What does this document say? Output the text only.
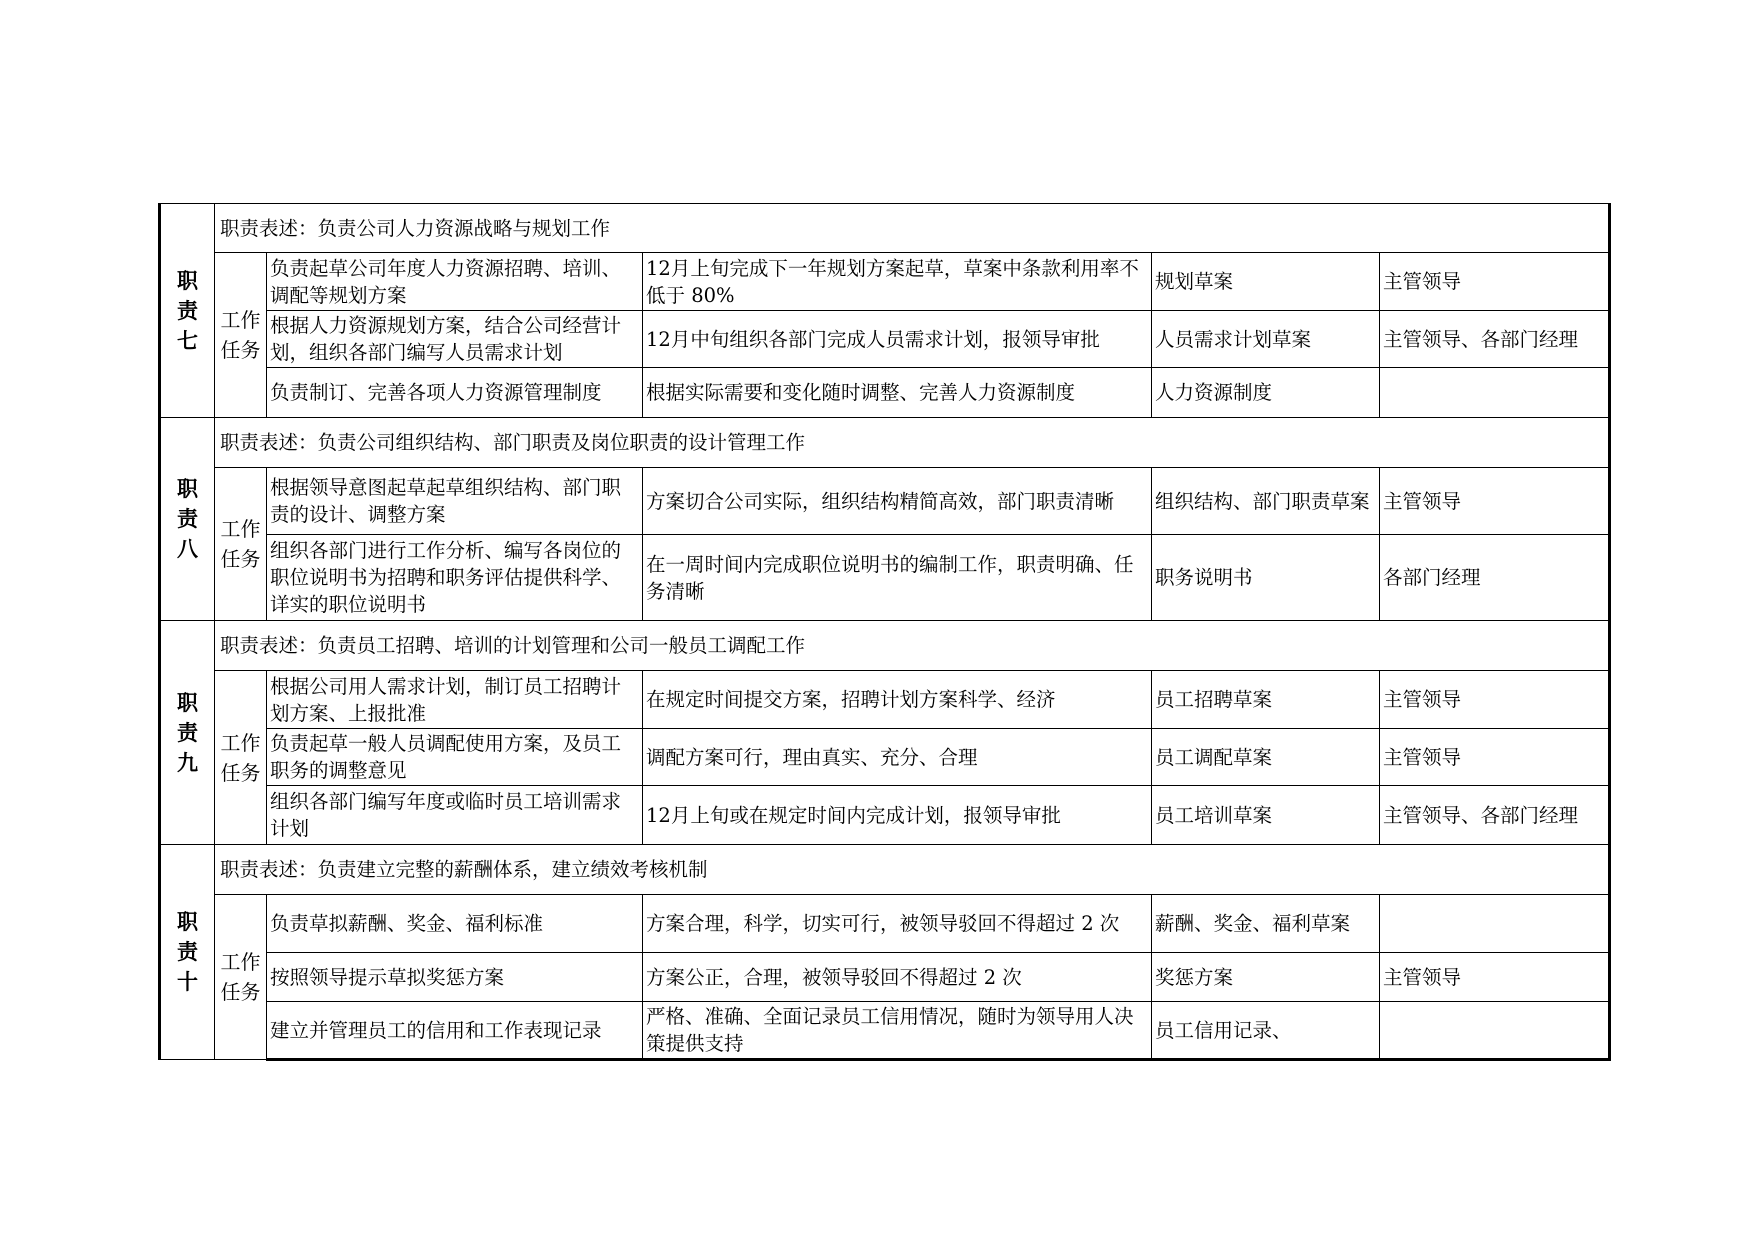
职
责
七	职责表述：负责公司人力资源战略与规划工作				

	工作
任务	负责起草公司年度人力资源招聘、培训、调配等规划方案	12月上旬完成下一年规划方案起草，草案中条款利用率不低于 80%	规划草案	主管领导
		根据人力资源规划方案，结合公司经营计划，组织各部门编写人员需求计划	12月中旬组织各部门完成人员需求计划，报领导审批	人员需求计划草案	主管领导、各部门经理
		负责制订、完善各项人力资源管理制度	根据实际需要和变化随时调整、完善人力资源制度	人力资源制度	

职
责
八	职责表述：负责公司组织结构、部门职责及岗位职责的设计管理工作				

	工作
任务	根据领导意图起草起草组织结构、部门职责的设计、调整方案	方案切合公司实际，组织结构精简高效，部门职责清晰	组织结构、部门职责草案	主管领导
		组织各部门进行工作分析、编写各岗位的职位说明书为招聘和职务评估提供科学、详实的职位说明书	在一周时间内完成职位说明书的编制工作，职责明确、任务清晰	职务说明书	各部门经理

职
责
九	职责表述：负责员工招聘、培训的计划管理和公司一般员工调配工作				

	工作
任务	根据公司用人需求计划，制订员工招聘计划方案、上报批准	在规定时间提交方案，招聘计划方案科学、经济	员工招聘草案	主管领导
		负责起草一般人员调配使用方案，及员工职务的调整意见	调配方案可行，理由真实、充分、合理	员工调配草案	主管领导
		组织各部门编写年度或临时员工培训需求计划	12月上旬或在规定时间内完成计划，报领导审批	员工培训草案	主管领导、各部门经理

职
责
十	职责表述：负责建立完整的薪酬体系，建立绩效考核机制				

	工作
任务	负责草拟薪酬、奖金、福利标准	方案合理，科学，切实可行，被领导驳回不得超过 2 次	薪酬、奖金、福利草案	
		按照领导提示草拟奖惩方案	方案公正，合理，被领导驳回不得超过 2 次	奖惩方案	主管领导
		建立并管理员工的信用和工作表现记录	严格、准确、全面记录员工信用情况，随时为领导用人决策提供支持	员工信用记录、	
